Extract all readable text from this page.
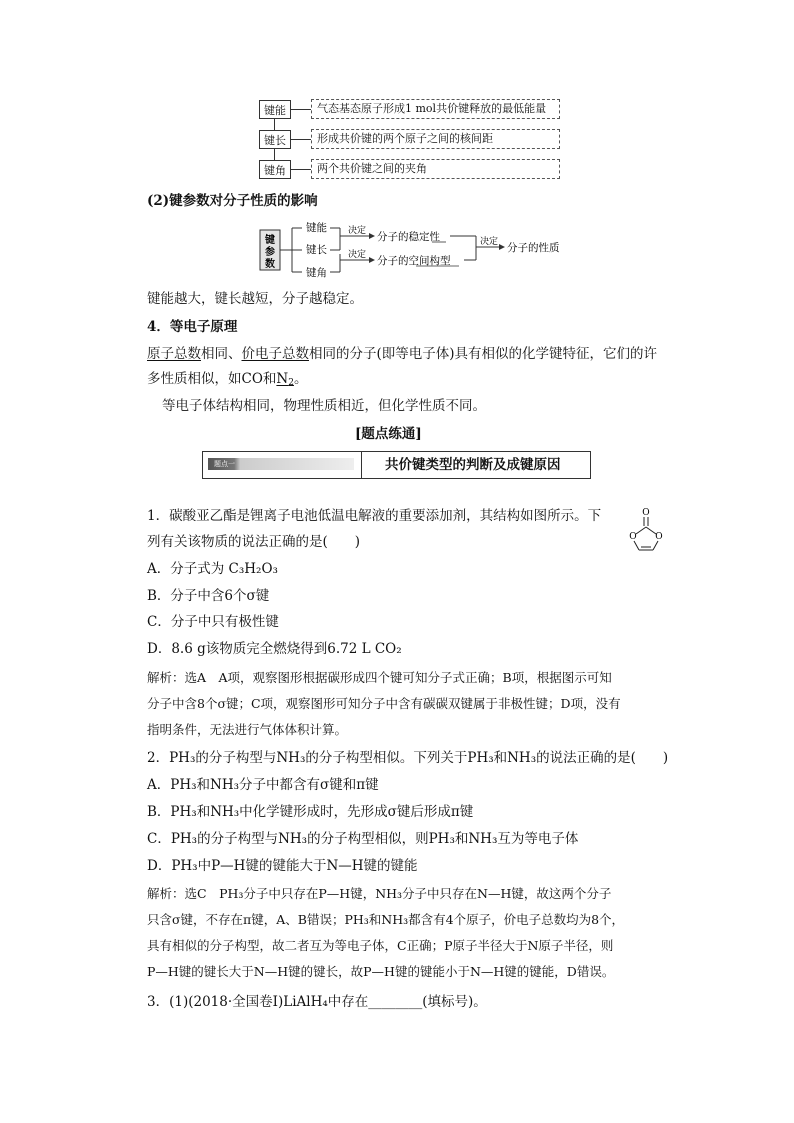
键能	气态基态原子形成1 mol共价键释放的最低能量
键长	形成共价键的两个原子之间的核间距
键角	两个共价键之间的夹角
(2)键参数对分子性质的影响
键
参
数
键能
键长
键角
决定
决定
分子的稳定性
分子的空间构型
决定 分子的性质
键能越大，键长越短，分子越稳定。
4．等电子原理
原子总数相同、价电子总数相同的分子(即等电子体)具有相似的化学键特征，它们的许
多性质相似，如CO和$N_2$。
等电子体结构相同，物理性质相近，但化学性质不同。
[题点练通]
题点一	共价键类型的判断及成键原因
1．碳酸亚乙酯是锂离子电池低温电解液的重要添加剂，其结构如图所示。下
列有关该物质的说法正确的是(　　)
O
O O
A．分子式为 C₃H₂O₃
B．分子中含6个σ键
C．分子中只有极性键
D．8.6 g该物质完全燃烧得到6.72 L CO₂
解析：选A　A项，观察图形根据碳形成四个键可知分子式正确；B项，根据图示可知
分子中含8个σ键；C项，观察图形可知分子中含有碳碳双键属于非极性键；D项，没有
指明条件，无法进行气体体积计算。
2．PH₃的分子构型与NH₃的分子构型相似。下列关于PH₃和NH₃的说法正确的是(　　)
A．PH₃和NH₃分子中都含有σ键和π键
B．PH₃和NH₃中化学键形成时，先形成σ键后形成π键
C．PH₃的分子构型与NH₃的分子构型相似，则PH₃和NH₃互为等电子体
D．PH₃中P—H键的键能大于N—H键的键能
解析：选C　PH₃分子中只存在P—H键，NH₃分子中只存在N—H键，故这两个分子
只含σ键，不存在π键，A、B错误；PH₃和NH₃都含有4个原子，价电子总数均为8个，
具有相似的分子构型，故二者互为等电子体，C正确；P原子半径大于N原子半径，则
P—H键的键长大于N—H键的键长，故P—H键的键能小于N—H键的键能，D错误。
3．(1)(2018·全国卷Ⅰ)LiAlH₄中存在________(填标号)。
